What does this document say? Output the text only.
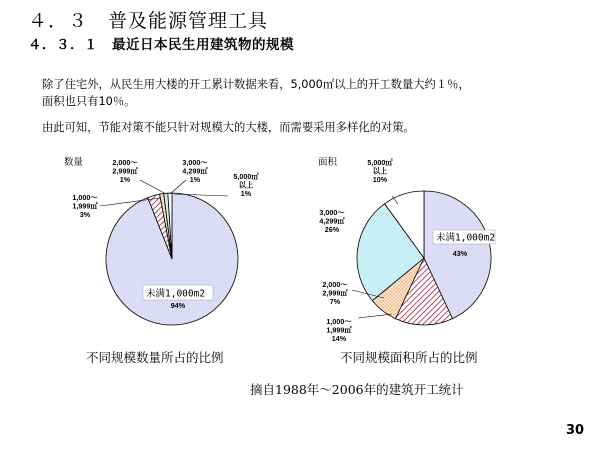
４．３　普及能源管理工具
４．３．１　最近日本民生用建筑物的规模
除了住宅外，从民生用大楼的开工累计数据来看，5,000㎡以上的开工数量大约１％，
面积也只有10％。
由此可知，节能对策不能只针对规模大的大楼，而需要采用多样化的对策。
未满1,000m2
94%
1,000～ 1,999㎡ 3%
2,000～ 2,999㎡ 1%
3,000～ 4,299㎡ 1%	5,000㎡以上 1%
未满1,000m2
43%
1,000～ 1,999㎡ 14%
2,000～ 2,999㎡ 7%
3,000～ 4,299㎡ 26%
5,000㎡以上 10%
数量	面积
不同规模数量所占的比例	不同规模面积所占的比例
摘自1988年～2006年的建筑开工统计
30
